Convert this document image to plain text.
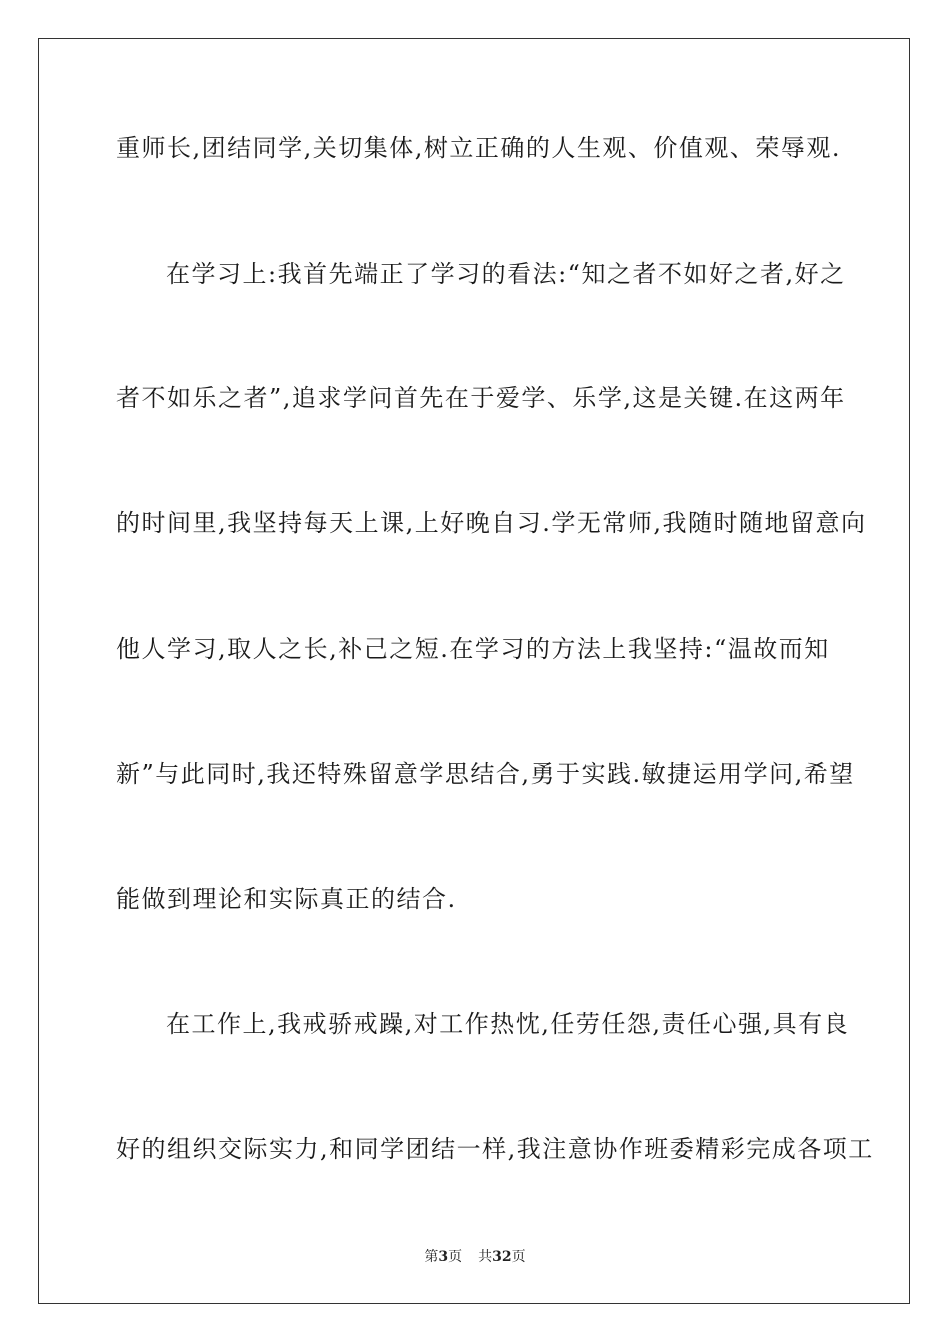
重师长,团结同学,关切集体,树立正确的人生观、价值观、荣辱观.
在学习上:我首先端正了学习的看法:“知之者不如好之者,好之
者不如乐之者”,追求学问首先在于爱学、乐学,这是关键.在这两年
的时间里,我坚持每天上课,上好晚自习.学无常师,我随时随地留意向
他人学习,取人之长,补己之短.在学习的方法上我坚持:“温故而知
新”与此同时,我还特殊留意学思结合,勇于实践.敏捷运用学问,希望
能做到理论和实际真正的结合.
在工作上,我戒骄戒躁,对工作热忱,任劳任怨,责任心强,具有良
好的组织交际实力,和同学团结一样,我注意协作班委精彩完成各项工
第3页 共32页
